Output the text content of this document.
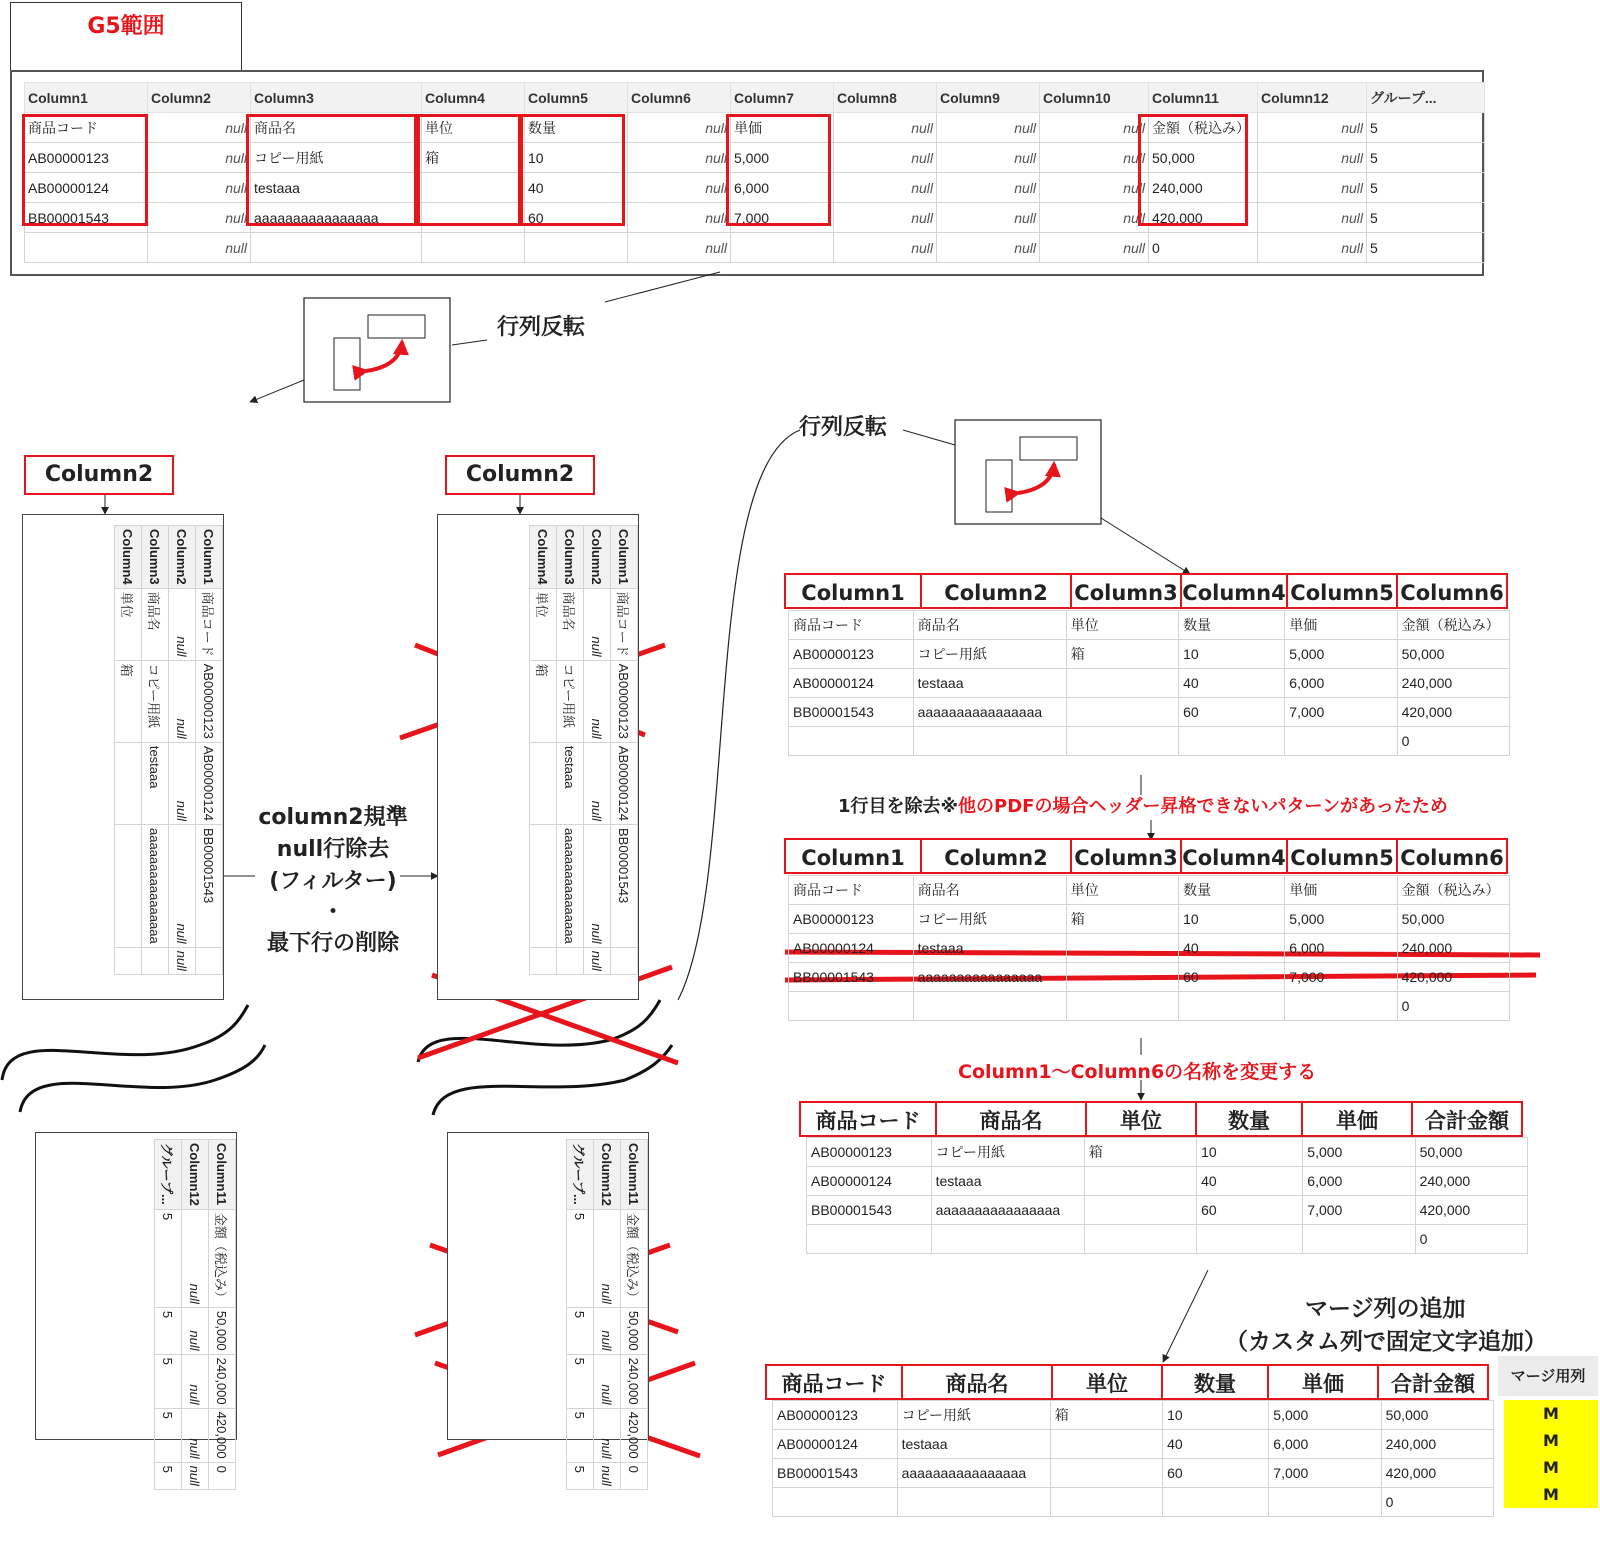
G5範囲
Column1	Column2	Column3	Column4	Column5	Column6	Column7	Column8	Column9	Column10	Column11	Column12	グループ...
商品コード	null	商品名	単位	数量	null	単価	null	null	null	金額（税込み）	null	5
AB00000123	null	コピー用紙	箱	10	null	5,000	null	null	null	50,000	null	5
AB00000124	null	testaaa		40	null	6,000	null	null	null	240,000	null	5
BB00001543	null	aaaaaaaaaaaaaaaa		60	null	7,000	null	null	null	420,000	null	5
	null				null		null	null	null	0	null	5
行列反転
行列反転
Column2	Column2
column2規準
null行除去
(フィルター)
・
最下行の削除
1行目を除去※他のPDFの場合ヘッダー昇格できないパターンがあったため
Column1～Column6の名称を変更する
マージ列の追加
（カスタム列で固定文字追加）
Column1	商品コード	AB00000123	AB00000124	BB00001543	
Column2	null	null	null	null	null
Column3	商品名	コピー用紙	testaaa	aaaaaaaaaaaaaaaa	
Column4	単位	箱			
Column1	商品コード	AB00000123	AB00000124	BB00001543	
Column2	null	null	null	null	null
Column3	商品名	コピー用紙	testaaa	aaaaaaaaaaaaaaaa	
Column4	単位	箱			
Column11	金額（税込み）	50,000	240,000	420,000	0
Column12	null	null	null	null	null
グループ...	5	5	5	5	5
Column11	金額（税込み）	50,000	240,000	420,000	0
Column12	null	null	null	null	null
グループ...	5	5	5	5	5
Column1	Column2	Column3 Column4 Column5 Column6
商品コード	商品名	単位	数量	単価	金額（税込み）
AB00000123	コピー用紙	箱	10	5,000	50,000
AB00000124	testaaa		40	6,000	240,000
BB00001543	aaaaaaaaaaaaaaaa		60	7,000	420,000
					0
Column1	Column2	Column3 Column4 Column5 Column6
商品コード	商品名	単位	数量	単価	金額（税込み）
AB00000123	コピー用紙	箱	10	5,000	50,000
AB00000124	testaaa		40	6,000	240,000
BB00001543	aaaaaaaaaaaaaaaa		60	7,000	420,000
					0
商品コード	商品名	単位	数量	単価	合計金額
AB00000123	コピー用紙	箱	10	5,000	50,000
AB00000124	testaaa		40	6,000	240,000
BB00001543	aaaaaaaaaaaaaaaa		60	7,000	420,000
					0
商品コード	商品名	単位	数量	単価	合計金額
AB00000123	コピー用紙	箱	10	5,000	50,000
AB00000124	testaaa		40	6,000	240,000
BB00001543	aaaaaaaaaaaaaaaa		60	7,000	420,000
					0
マージ用列
M
M
M
M
